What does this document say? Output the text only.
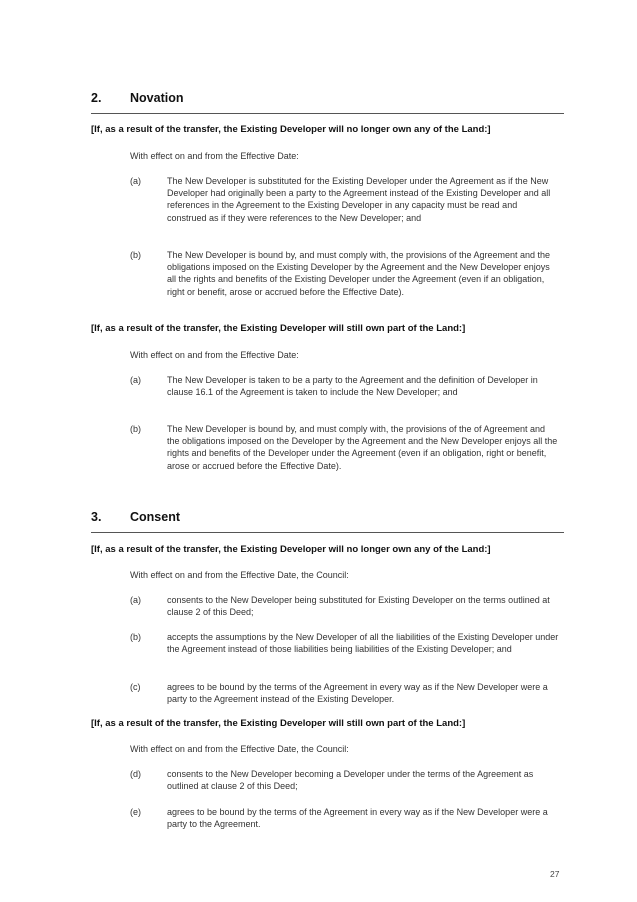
2. Novation
[If, as a result of the transfer, the Existing Developer will no longer own any of the Land:]
With effect on and from the Effective Date:
(a)	The New Developer is substituted for the Existing Developer under the Agreement as if the New Developer had originally been a party to the Agreement instead of the Existing Developer and all references in the Agreement to the Existing Developer in any capacity must be read and construed as if they were references to the New Developer; and
(b)	The New Developer is bound by, and must comply with, the provisions of the Agreement and the obligations imposed on the Existing Developer by the Agreement and the New Developer enjoys all the rights and benefits of the Existing Developer under the Agreement (even if an obligation, right or benefit, arose or accrued before the Effective Date).
[If, as a result of the transfer, the Existing Developer will still own part of the Land:]
With effect on and from the Effective Date:
(a)	The New Developer is taken to be a party to the Agreement and the definition of Developer in clause 16.1 of the Agreement is taken to include the New Developer; and
(b)	The New Developer is bound by, and must comply with, the provisions of the of Agreement and the obligations imposed on the Developer by the Agreement and the New Developer enjoys all the rights and benefits of the Developer under the Agreement (even if an obligation, right or benefit, arose or accrued before the Effective Date).
3. Consent
[If, as a result of the transfer, the Existing Developer will no longer own any of the Land:]
With effect on and from the Effective Date, the Council:
(a)	consents to the New Developer being substituted for Existing Developer on the terms outlined at clause 2 of this Deed;
(b)	accepts the assumptions by the New Developer of all the liabilities of the Existing Developer under the Agreement instead of those liabilities being liabilities of the Existing Developer; and
(c)	agrees to be bound by the terms of the Agreement in every way as if the New Developer were a party to the Agreement instead of the Existing Developer.
[If, as a result of the transfer, the Existing Developer will still own part of the Land:]
With effect on and from the Effective Date, the Council:
(d)	consents to the New Developer becoming a Developer under the terms of the Agreement as outlined at clause 2 of this Deed;
(e)	agrees to be bound by the terms of the Agreement in every way as if the New Developer were a party to the Agreement.
27
